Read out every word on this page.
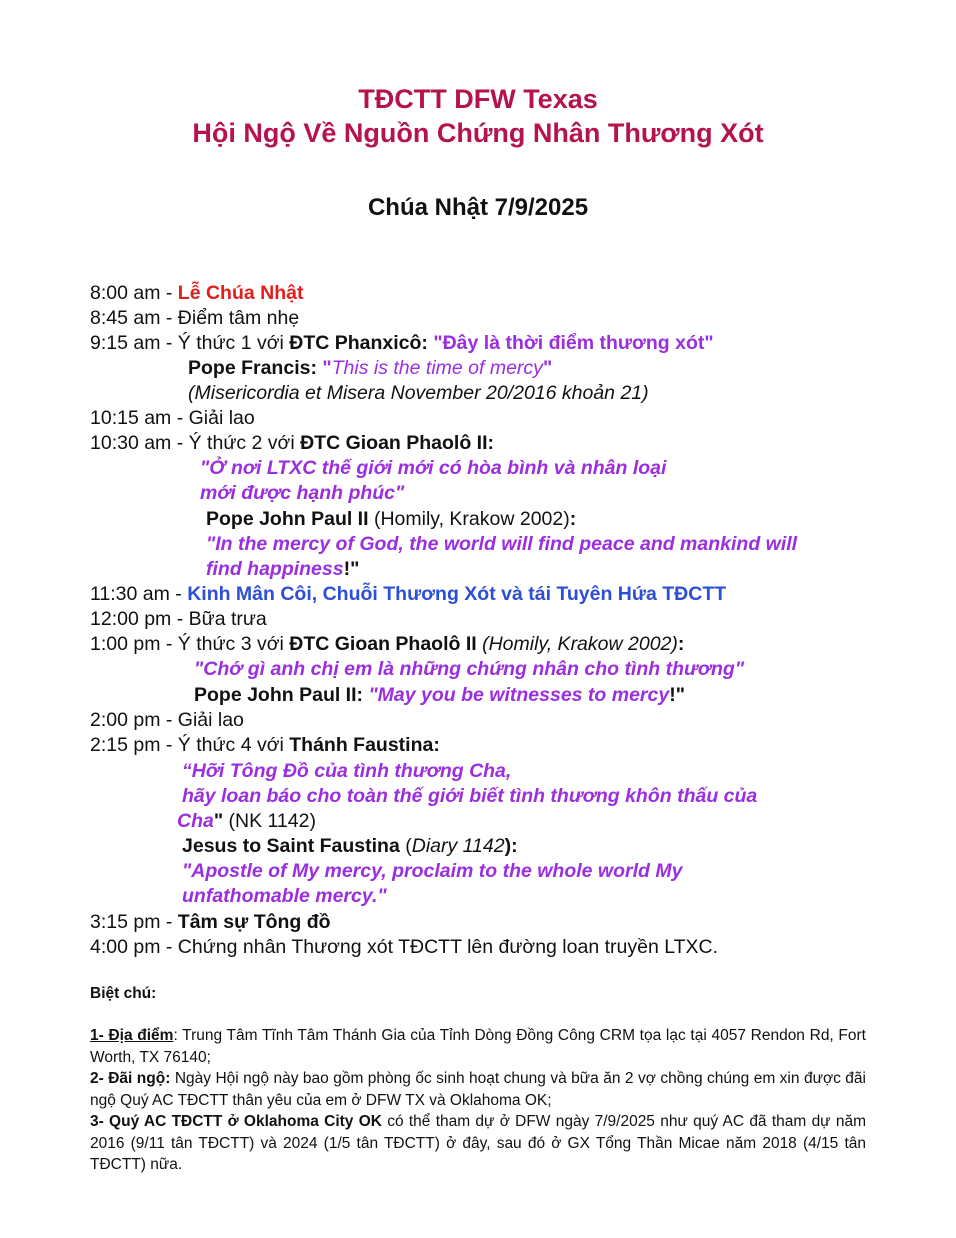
TĐCTT DFW Texas
Hội Ngộ Về Nguồn Chứng Nhân Thương Xót
Chúa Nhật 7/9/2025
8:00 am - Lễ Chúa Nhật
8:45 am - Điểm tâm nhẹ
9:15 am - Ý thức 1 với ĐTC Phanxicô: "Đây là thời điểm thương xót"
Pope Francis: "This is the time of mercy"
(Misericordia et Misera November 20/2016 khoản 21)
10:15 am - Giải lao
10:30 am - Ý thức 2 với ĐTC Gioan Phaolô II:
"Ở nơi LTXC thế giới mới có hòa bình và nhân loại
mới được hạnh phúc"
Pope John Paul II (Homily, Krakow 2002):
"In the mercy of God, the world will find peace and mankind will
find happiness!"
11:30 am - Kinh Mân Côi, Chuỗi Thương Xót và tái Tuyên Hứa TĐCTT
12:00 pm - Bữa trưa
1:00 pm - Ý thức 3 với ĐTC Gioan Phaolô II (Homily, Krakow 2002):
"Chớ gì anh chị em là những chứng nhân cho tình thương"
Pope John Paul II: "May you be witnesses to mercy!"
2:00 pm - Giải lao
2:15 pm - Ý thức 4 với Thánh Faustina:
“Hỡi Tông Đồ của tình thương Cha,
hãy loan báo cho toàn thế giới biết tình thương khôn thấu của
Cha" (NK 1142)
Jesus to Saint Faustina (Diary 1142):
"Apostle of My mercy, proclaim to the whole world My
unfathomable mercy."
3:15 pm - Tâm sự Tông đồ
4:00 pm - Chứng nhân Thương xót TĐCTT lên đường loan truyền LTXC.
Biệt chú:
1- Địa điểm: Trung Tâm Tĩnh Tâm Thánh Gia của Tỉnh Dòng Đồng Công CRM tọa lạc tại 4057 Rendon Rd, Fort Worth, TX 76140;
2- Đãi ngộ: Ngày Hội ngộ này bao gồm phòng ốc sinh hoạt chung và bữa ăn 2 vợ chồng chúng em xin được đãi ngộ Quý AC TĐCTT thân yêu của em ở DFW TX và Oklahoma OK;
3- Quý AC TĐCTT ở Oklahoma City OK có thể tham dự ở DFW ngày 7/9/2025 như quý AC đã tham dự năm 2016 (9/11 tân TĐCTT) và 2024 (1/5 tân TĐCTT) ở đây, sau đó ở GX Tổng Thần Micae năm 2018 (4/15 tân TĐCTT) nữa.
